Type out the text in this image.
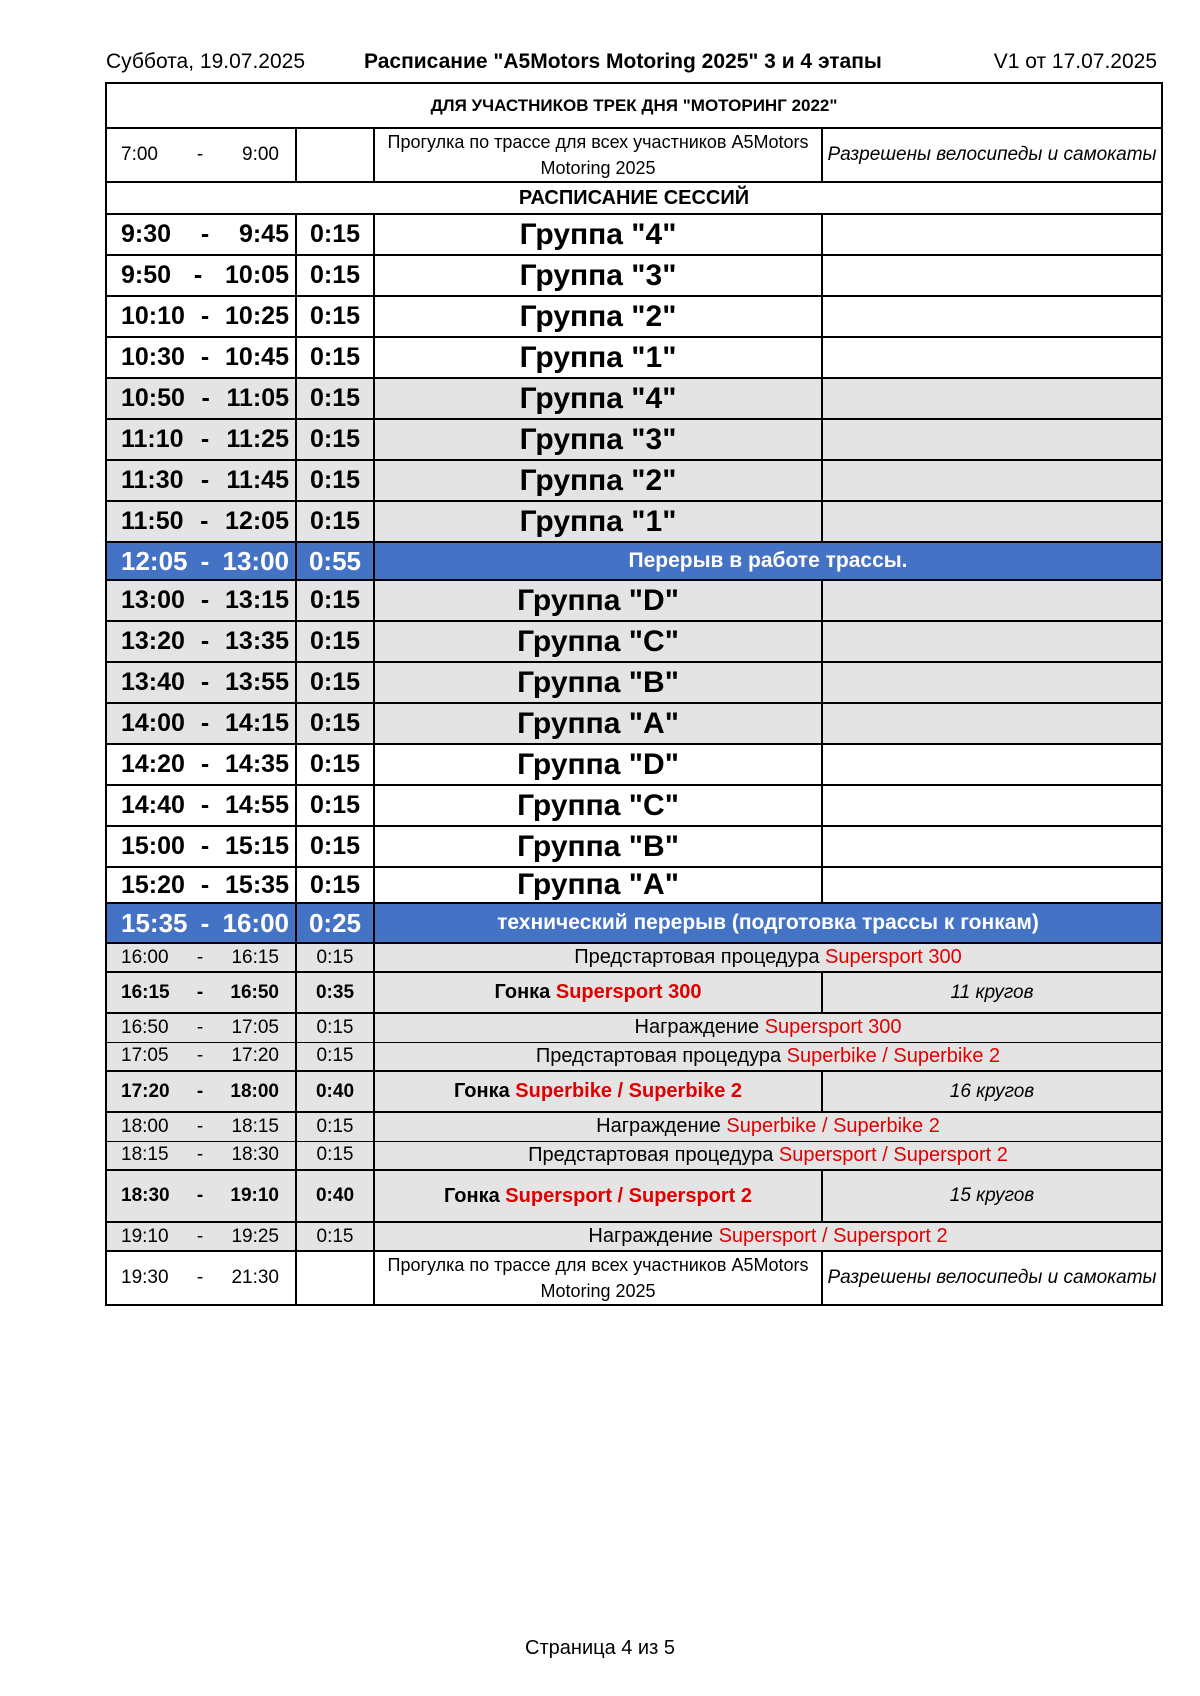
Суббота, 19.07.2025	Расписание "A5Motors Motoring 2025" 3 и 4 этапы	V1 от 17.07.2025
ДЛЯ УЧАСТНИКОВ ТРЕК ДНЯ "МОТОРИНГ 2022"			

7:00 - 9:00		Прогулка по трассе для всех участников A5Motors Motoring 2025	Разрешены велосипеды и самокаты
РАСПИСАНИЕ СЕССИЙ			

9:30 - 9:45	0:15	Группа "4"	

9:50 - 10:05	0:15	Группа "3"	

10:10 - 10:25	0:15	Группа "2"	

10:30 - 10:45	0:15	Группа "1"	

10:50 - 11:05	0:15	Группа "4"	

11:10 - 11:25	0:15	Группа "3"	

11:30 - 11:45	0:15	Группа "2"	

11:50 - 12:05	0:15	Группа "1"	

12:05 - 13:00	0:55	Перерыв в работе трассы.	

13:00 - 13:15	0:15	Группа "D"	

13:20 - 13:35	0:15	Группа "C"	

13:40 - 13:55	0:15	Группа "B"	

14:00 - 14:15	0:15	Группа "A"	

14:20 - 14:35	0:15	Группа "D"	

14:40 - 14:55	0:15	Группа "C"	

15:00 - 15:15	0:15	Группа "B"	

15:20 - 15:35	0:15	Группа "A"	

15:35 - 16:00	0:25	технический перерыв (подготовка трассы к гонкам)	

16:00 - 16:15	0:15	Предстартовая процедура Supersport 300	

16:15 - 16:50	0:35	Гонка Supersport 300	11 кругов

16:50 - 17:05	0:15	Награждение Supersport 300	

17:05 - 17:20	0:15	Предстартовая процедура Superbike / Superbike 2	

17:20 - 18:00	0:40	Гонка Superbike / Superbike 2	16 кругов

18:00 - 18:15	0:15	Награждение Superbike / Superbike 2	

18:15 - 18:30	0:15	Предстартовая процедура Supersport / Supersport 2	

18:30 - 19:10	0:40	Гонка Supersport / Supersport 2	15 кругов

19:10 - 19:25	0:15	Награждение Supersport / Supersport 2	

19:30 - 21:30		Прогулка по трассе для всех участников A5Motors Motoring 2025	Разрешены велосипеды и самокаты
Страница 4 из 5
